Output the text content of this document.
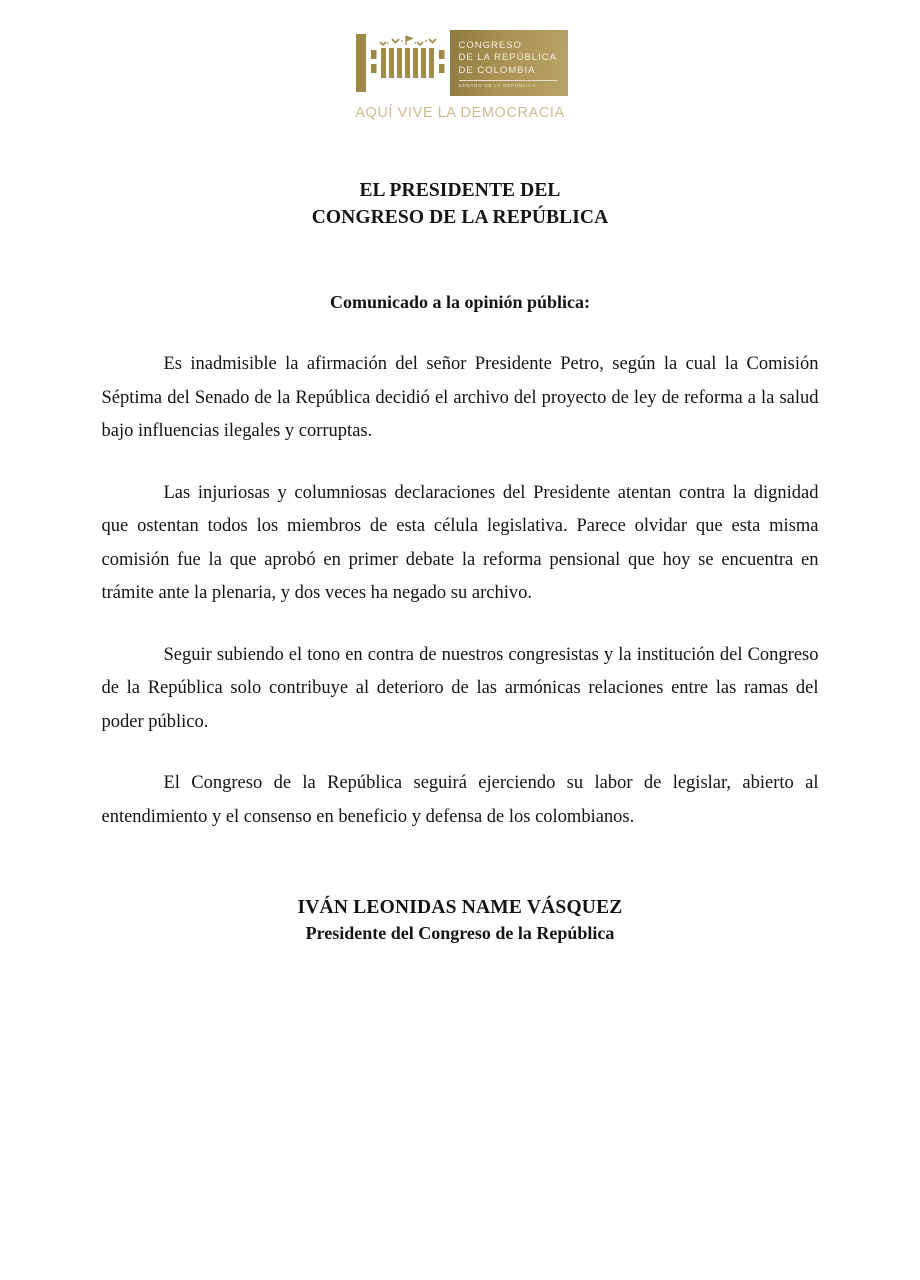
CONGRESO
DE LA REPÚBLICA
DE COLOMBIA
SENADO DE LA REPÚBLICA
AQUÍ VIVE LA DEMOCRACIA
EL PRESIDENTE DEL
CONGRESO DE LA REPÚBLICA
Comunicado a la opinión pública:

Es inadmisible la afirmación del señor Presidente Petro, según la cual la Comisión Séptima del Senado de la República decidió el archivo del proyecto de ley de reforma a la salud bajo influencias ilegales y corruptas.

Las injuriosas y columniosas declaraciones del Presidente atentan contra la dignidad que ostentan todos los miembros de esta célula legislativa. Parece olvidar que esta misma comisión fue la que aprobó en primer debate la reforma pensional que hoy se encuentra en trámite ante la plenaria, y dos veces ha negado su archivo.

Seguir subiendo el tono en contra de nuestros congresistas y la institución del Congreso de la República solo contribuye al deterioro de las armónicas relaciones entre las ramas del poder público.

El Congreso de la República seguirá ejerciendo su labor de legislar, abierto al entendimiento y el consenso en beneficio y defensa de los colombianos.

IVÁN LEONIDAS NAME VÁSQUEZ
Presidente del Congreso de la República
